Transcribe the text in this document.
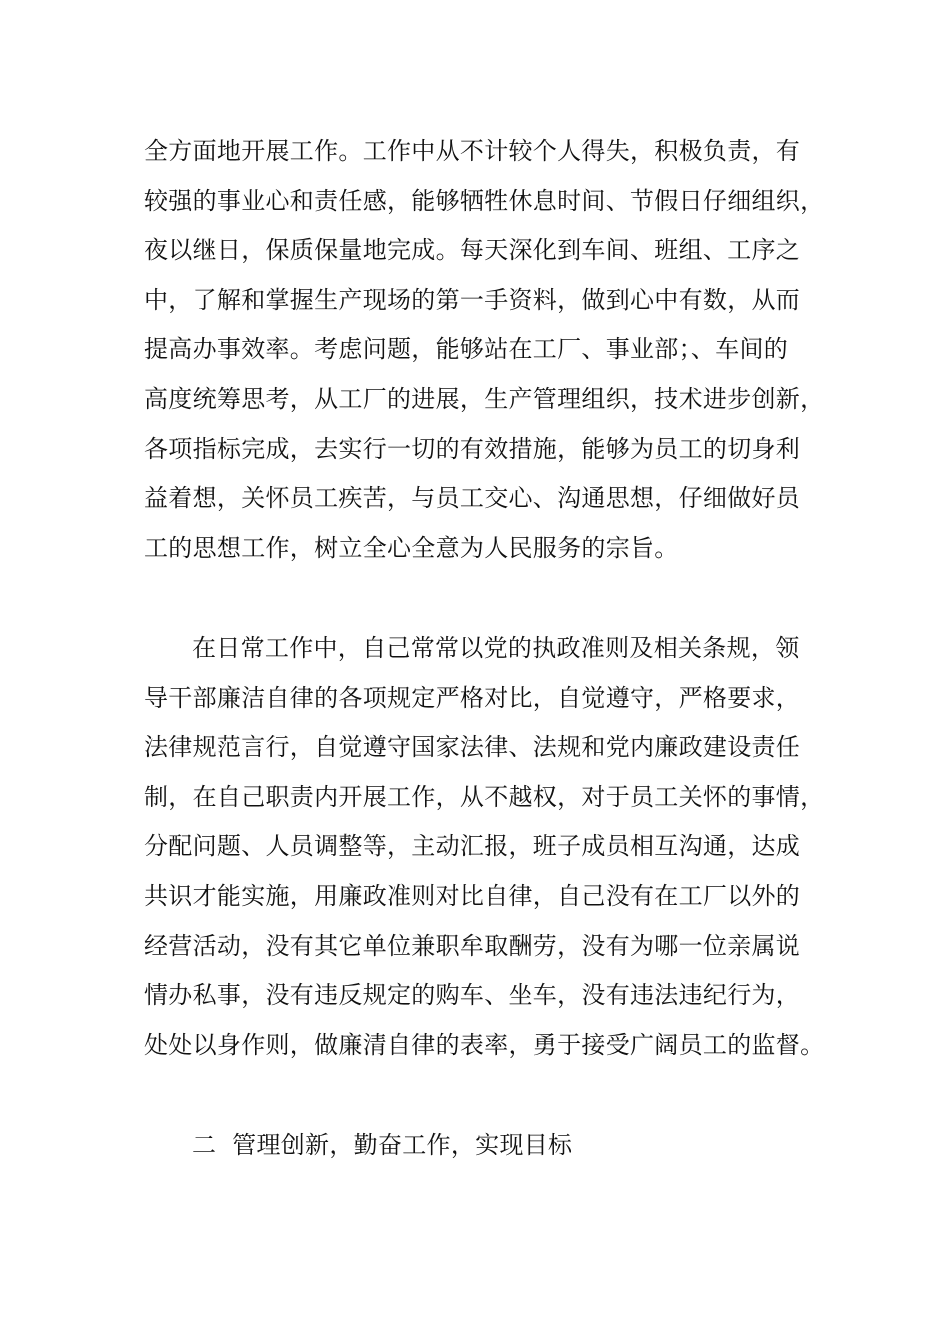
全方面地开展工作。工作中从不计较个人得失，积极负责，有
较强的事业心和责任感，能够牺牲休息时间、节假日仔细组织，
夜以继日，保质保量地完成。每天深化到车间、班组、工序之
中，了解和掌握生产现场的第一手资料，做到心中有数，从而
提高办事效率。考虑问题，能够站在工厂、事业部；、车间的
高度统筹思考，从工厂的进展，生产管理组织，技术进步创新，
各项指标完成，去实行一切的有效措施，能够为员工的切身利
益着想，关怀员工疾苦，与员工交心、沟通思想，仔细做好员
工的思想工作，树立全心全意为人民服务的宗旨。
在日常工作中，自己常常以党的执政准则及相关条规，领
导干部廉洁自律的各项规定严格对比，自觉遵守，严格要求，
法律规范言行，自觉遵守国家法律、法规和党内廉政建设责任
制，在自己职责内开展工作，从不越权，对于员工关怀的事情，
分配问题、人员调整等，主动汇报，班子成员相互沟通，达成
共识才能实施，用廉政准则对比自律，自己没有在工厂以外的
经营活动，没有其它单位兼职牟取酬劳，没有为哪一位亲属说
情办私事，没有违反规定的购车、坐车，没有违法违纪行为，
处处以身作则，做廉清自律的表率，勇于接受广阔员工的监督。
二  管理创新，勤奋工作，实现目标
